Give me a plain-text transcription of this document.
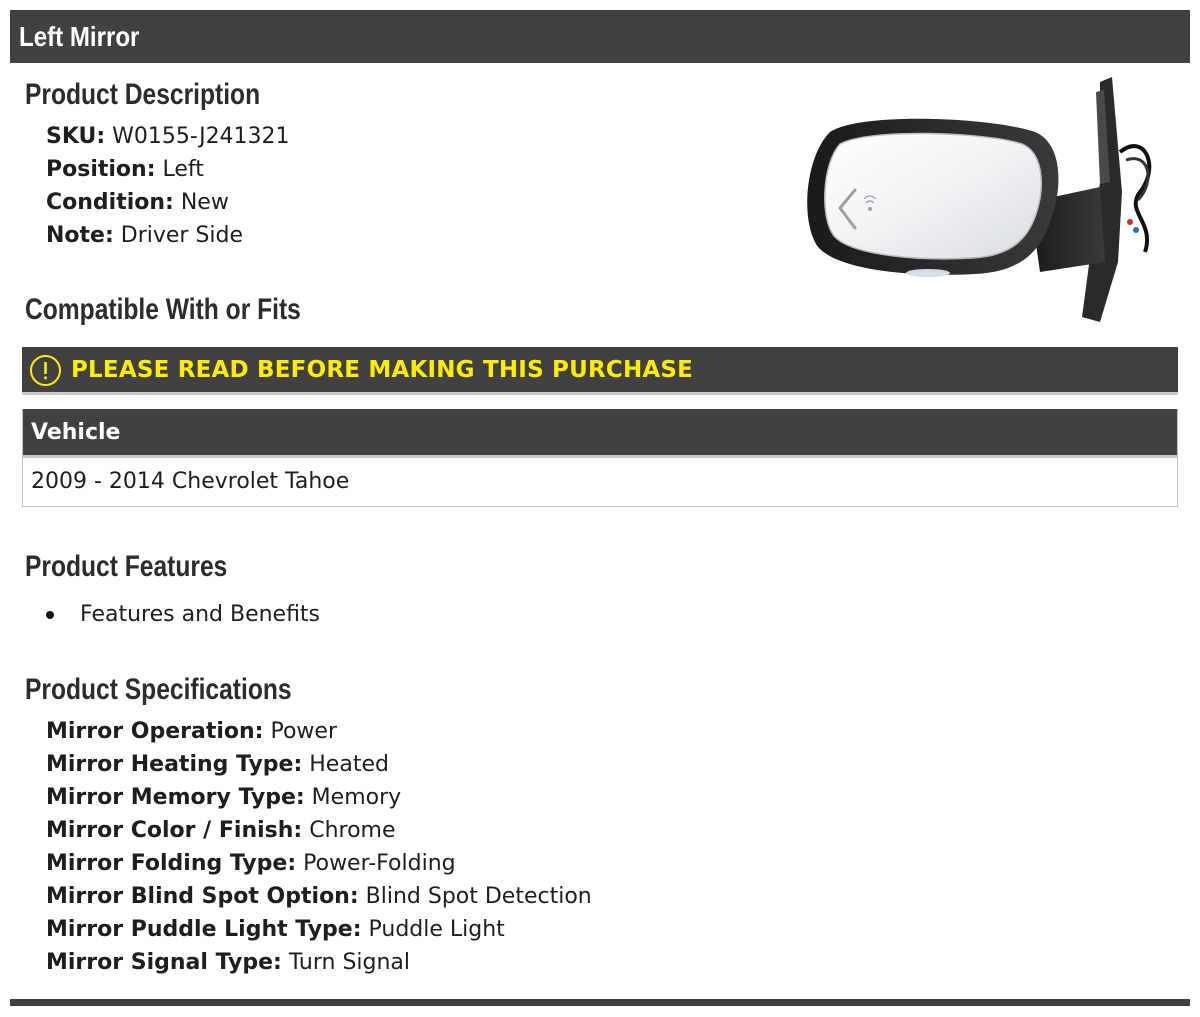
Left Mirror
Product Description
SKU: W0155-J241321
Position: Left
Condition: New
Note: Driver Side
Compatible With or Fits
PLEASE READ BEFORE MAKING THIS PURCHASE
Vehicle
2009 - 2014 Chevrolet Tahoe
Product Features
Features and Benefits
Product Specifications
Mirror Operation: Power
Mirror Heating Type: Heated
Mirror Memory Type: Memory
Mirror Color / Finish: Chrome
Mirror Folding Type: Power-Folding
Mirror Blind Spot Option: Blind Spot Detection
Mirror Puddle Light Type: Puddle Light
Mirror Signal Type: Turn Signal
